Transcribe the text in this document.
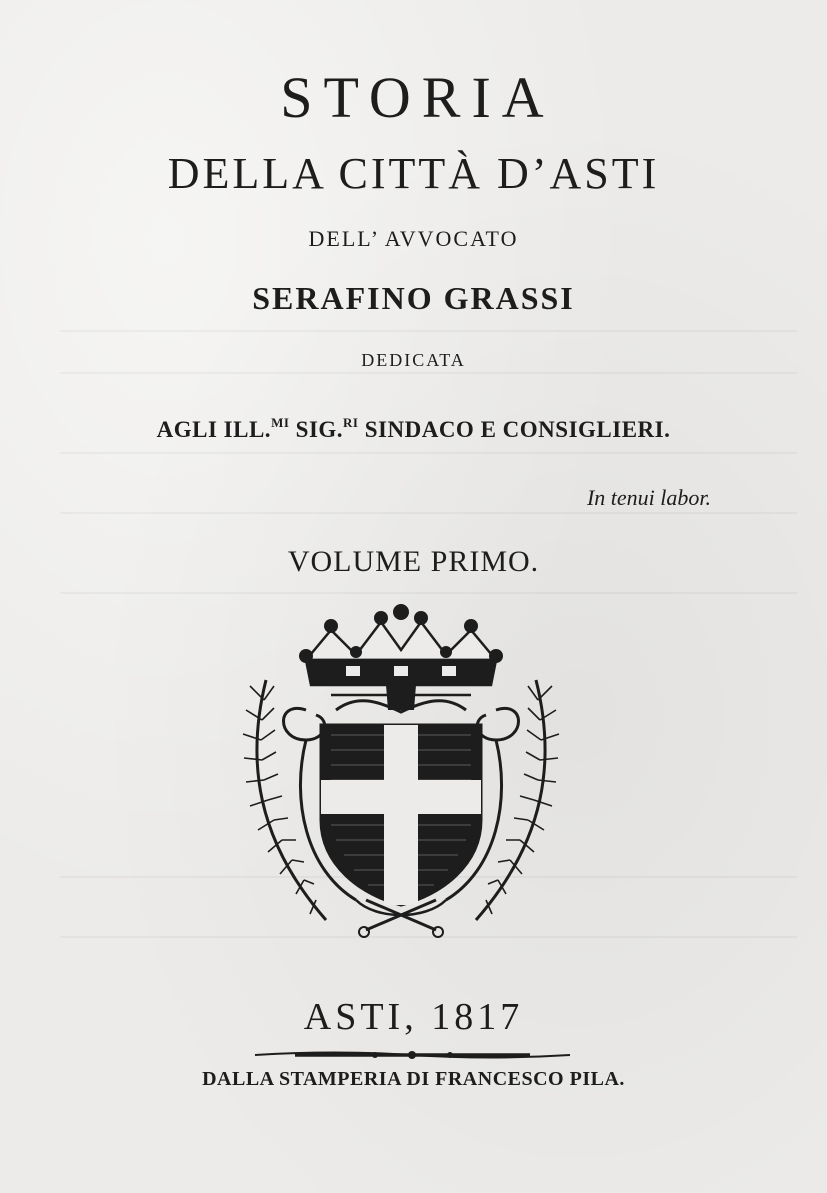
STORIA
DELLA CITTÀ D’ASTI
DELL’ AVVOCATO
SERAFINO GRASSI
DEDICATA
AGLI ILL.$^{MI}$ SIG.$^{RI}$ SINDACO E CONSIGLIERI.
In tenui labor.
VOLUME PRIMO.
ASTI, 1817
DALLA STAMPERIA DI FRANCESCO PILA.
